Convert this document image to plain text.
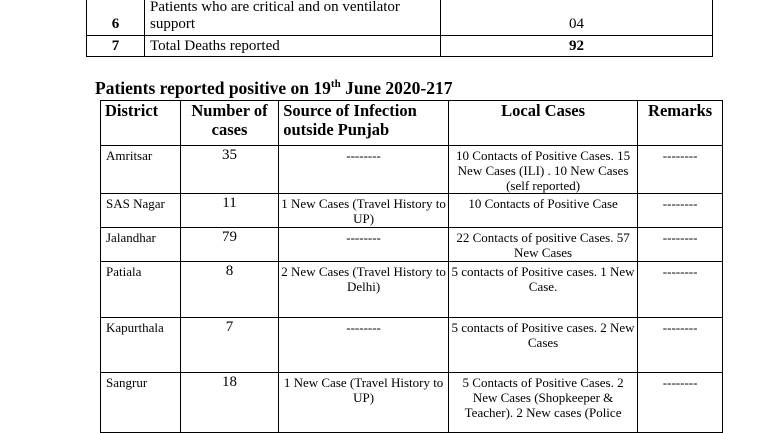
6	Patients who are critical and on ventilator support	04
7	Total Deaths reported	92
Patients reported positive on 19th June 2020-217
District	Number of cases	Source of Infection outside Punjab	Local Cases	Remarks
Amritsar	35	--------	10 Contacts of Positive Cases. 15 New Cases (ILI) . 10 New Cases (self reported)	--------
SAS Nagar	11	1 New Cases (Travel History to UP)	10 Contacts of Positive Case	--------
Jalandhar	79	--------	22 Contacts of positive Cases. 57 New Cases	--------
Patiala	8	2 New Cases (Travel History to Delhi)	5 contacts of Positive cases. 1 New Case.	--------
Kapurthala	7	--------	5 contacts of Positive cases. 2 New Cases	--------
Sangrur	18	1 New Case (Travel History to UP)	5 Contacts of Positive Cases. 2 New Cases (Shopkeeper & Teacher). 2 New cases (Police	--------
